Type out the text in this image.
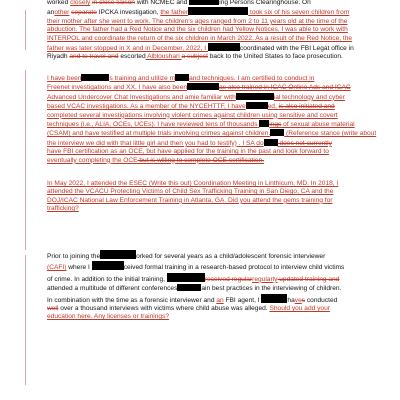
worked closely in close liaison with NCMEC and	ing Persons Clearinghouse. On
another separate IPCKA investigation, the father	took six of his seven children from
their mother after she went to work. The children's ages ranged from 2 to 11 years old at the time of the
abduction. The father had a Red Notice and the six children had Yellow Notices. I was able to work with
INTERPOL and coordinate the return of the six children in March 2022. As a result of the Red Notice, the
father was later stopped in X and in December, 2022, I	coordinated with the FBI Legat office in
Riyadh and to travel and escorted Albloushari a subject back to the United States to face prosecution.
I have been	s training and utilize m and techniques. I am certified to conduct in
Freenet investigations and XX. I have also been	as also trained in ICAC Online Ads and ICAC
Advanced Undercover Chat Investigations and amie familiar with	ial technology and cyber
based VCAC investigations. As a member of the NYCEHTTF, I have	ed, is also initiated and
completed several investigations involving violent crimes against children using sensitive and covert
techniques (i.e., ALIA, OCEs, UCEs). I have reviewed tens of thousands ings of sexual abuse material
(CSAM) and have testified at multiple trials involving crimes against children. (Reference stance (write about
the interview we did with that little girl and then you had to testify) . I SA do does not currently
have FBI certification as an OCE, but have applied for the training in the past and look forward to
eventually completing the OCE but is willing to complete OCE certification.
In May 2022, I attended the ESEC (Write this out) Coordination Meeting in Linthicum, MD. In 2018, I
attended the VCACU Protecting Victims of Child Sex Trafficking Training in San Diego, CA and the
DOJ/ICAC National Law Enforcement Training in Atlanta, GA. Did you attend the gems training for
trafficking?
Prior to joining the	orked for several years as a child/adolescent forensic interviewer
(CAFI) where I	ceived formal training in a research-based protocol to interview child victims
of crime. In addition to the initial training,	received regularregularly updated training and
attended a multitude of different conferences	ain best practices in the interviewing of children.
In combination with the time as a forensic interviewer and an FBI agent, I	haves conducted
well over a thousand interviews with victims where child abuse was alleged. Should you add your
education here. Any licenses or trainings?
